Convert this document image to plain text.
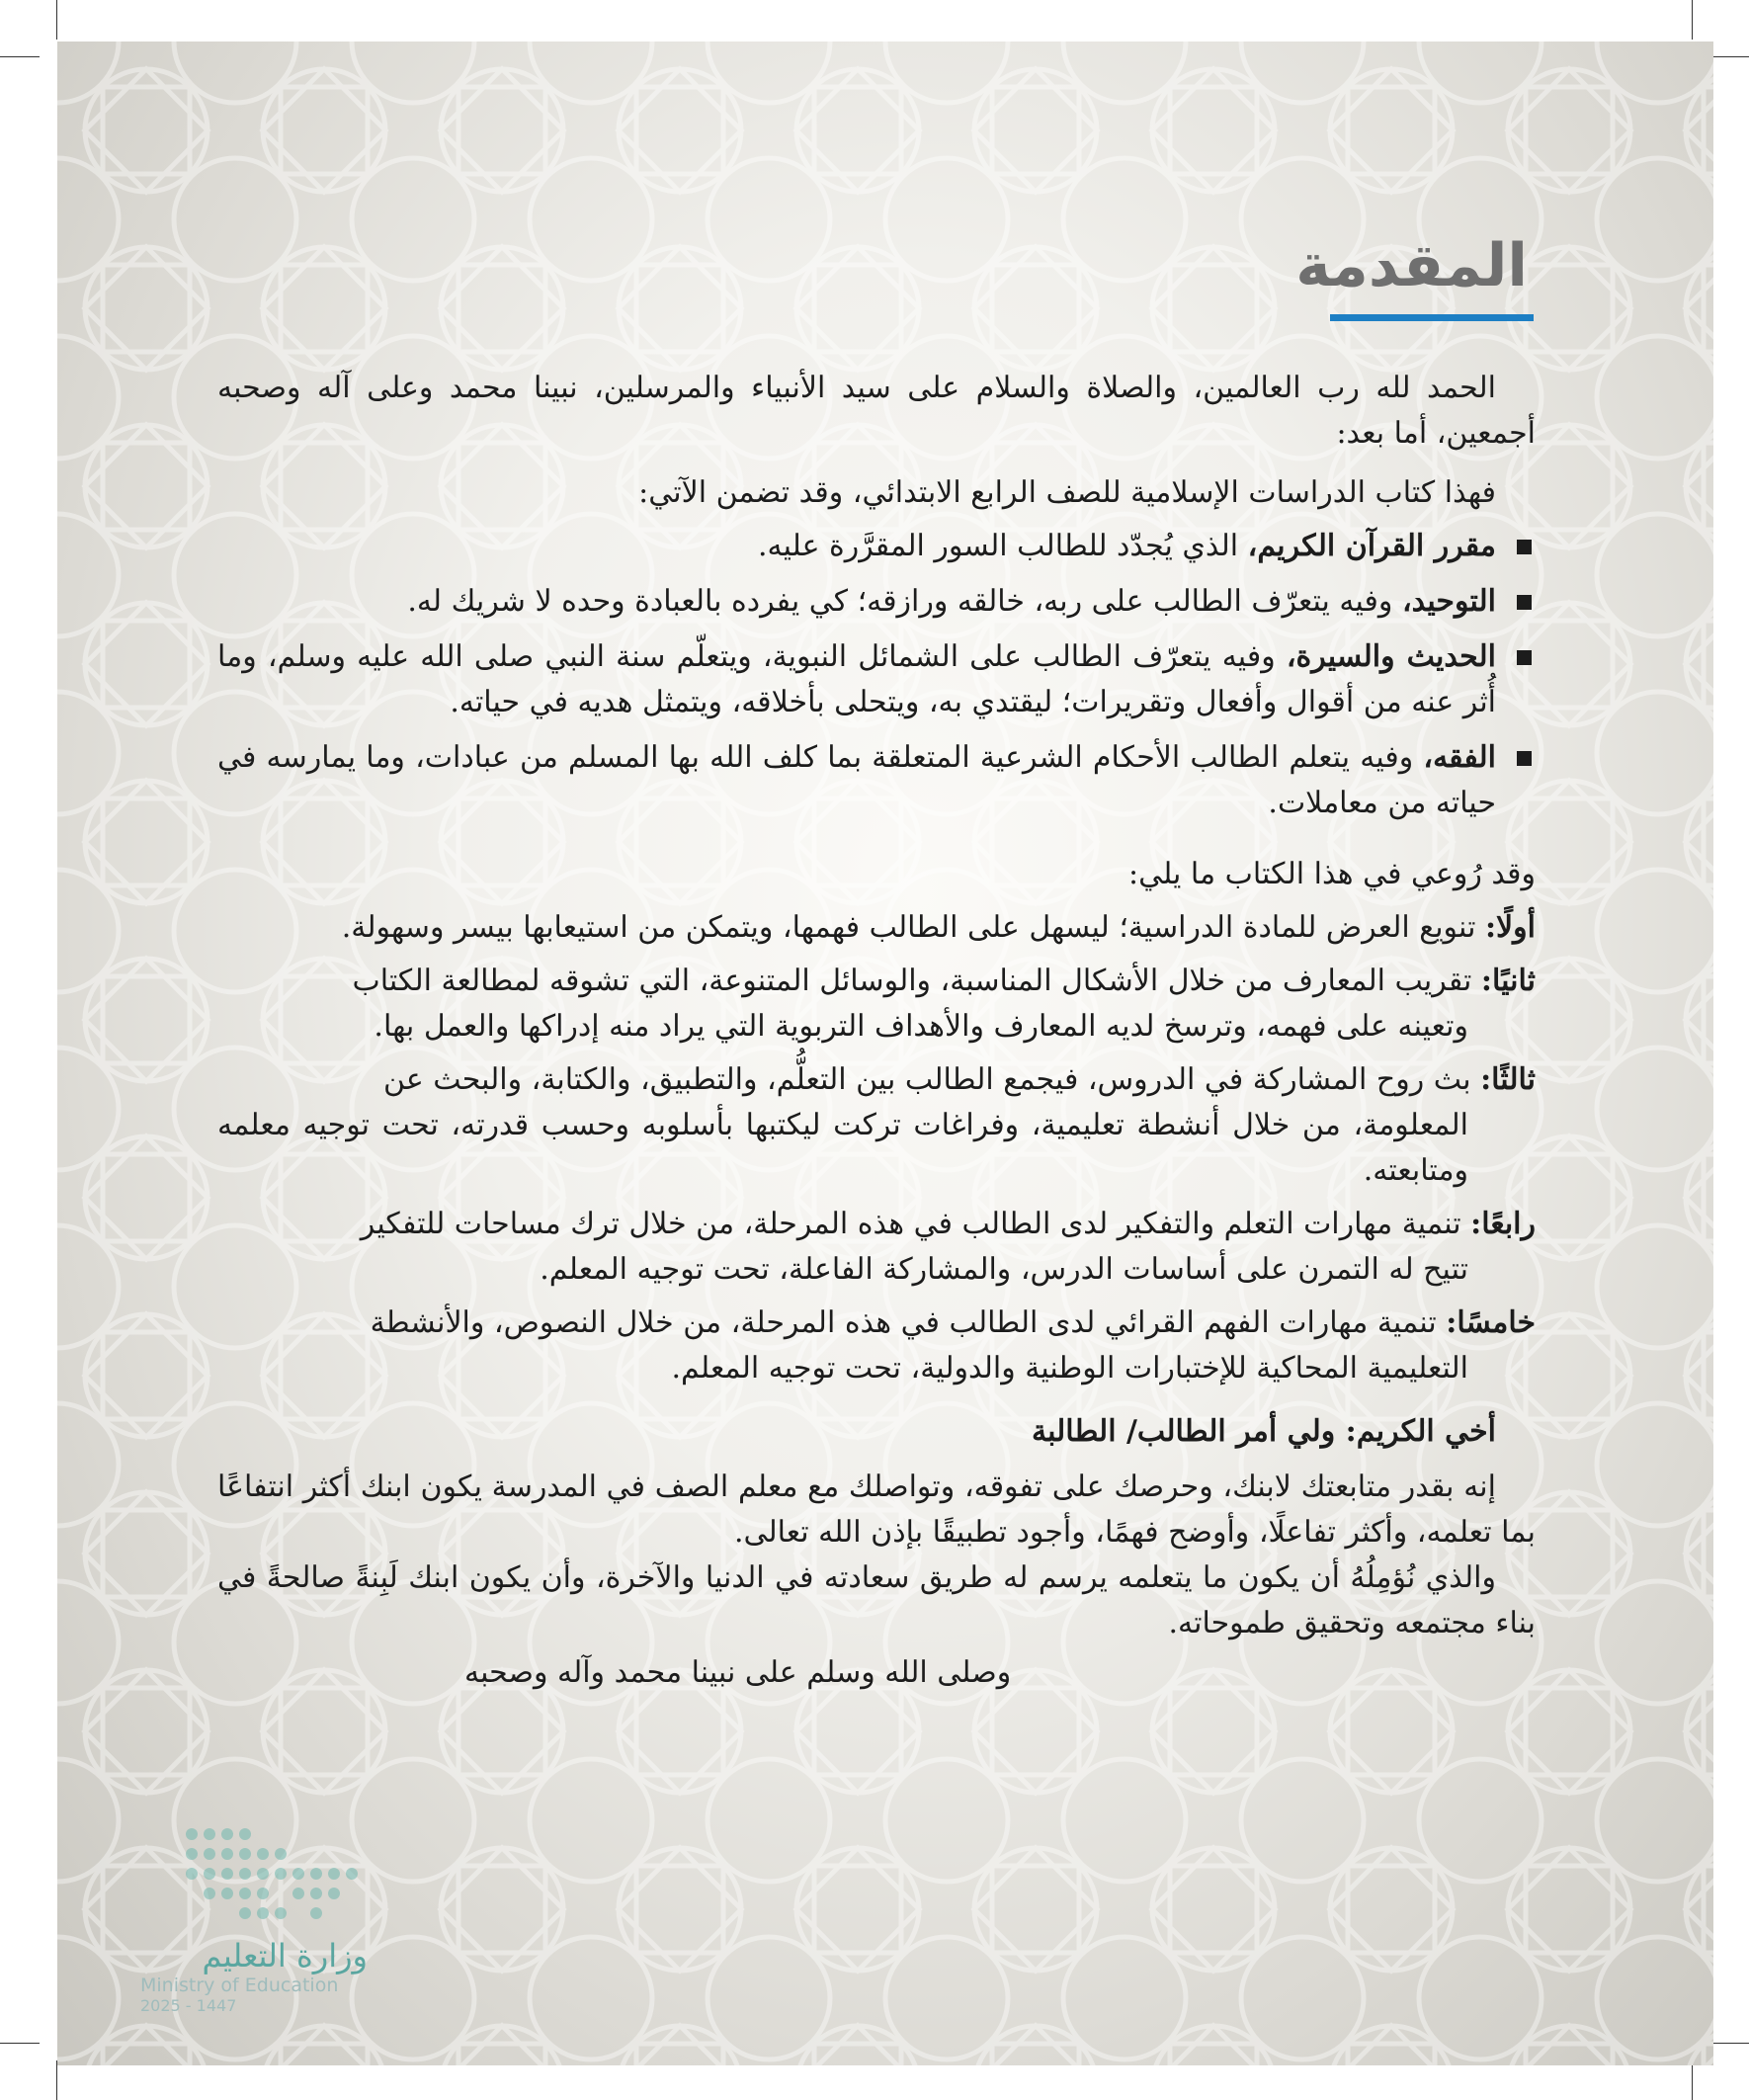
المقدمة

الحمد لله رب العالمين، والصلاة والسلام على سيد الأنبياء والمرسلين، نبينا محمد وعلى آله وصحبه أجمعين، أما بعد:

فهذا كتاب الدراسات الإسلامية للصف الرابع الابتدائي، وقد تضمن الآتي:

مقرر القرآن الكريم، الذي يُجدّد للطالب السور المقرَّرة عليه.

التوحيد، وفيه يتعرّف الطالب على ربه، خالقه ورازقه؛ كي يفرده بالعبادة وحده لا شريك له.

الحديث والسيرة، وفيه يتعرّف الطالب على الشمائل النبوية، ويتعلّم سنة النبي صلى الله عليه وسلم، وما أُثر عنه من أقوال وأفعال وتقريرات؛ ليقتدي به، ويتحلى بأخلاقه، ويتمثل هديه في حياته.

الفقه، وفيه يتعلم الطالب الأحكام الشرعية المتعلقة بما كلف الله بها المسلم من عبادات، وما يمارسه في حياته من معاملات.

وقد رُوعي في هذا الكتاب ما يلي:

أولًا: تنويع العرض للمادة الدراسية؛ ليسهل على الطالب فهمها، ويتمكن من استيعابها بيسر وسهولة.

ثانيًا: تقريب المعارف من خلال الأشكال المناسبة، والوسائل المتنوعة، التي تشوقه لمطالعة الكتاب
وتعينه على فهمه، وترسخ لديه المعارف والأهداف التربوية التي يراد منه إدراكها والعمل بها.

ثالثًا: بث روح المشاركة في الدروس، فيجمع الطالب بين التعلُّم، والتطبيق، والكتابة، والبحث عن
المعلومة، من خلال أنشطة تعليمية، وفراغات تركت ليكتبها بأسلوبه وحسب قدرته، تحت توجيه معلمه ومتابعته.

رابعًا: تنمية مهارات التعلم والتفكير لدى الطالب في هذه المرحلة، من خلال ترك مساحات للتفكير
تتيح له التمرن على أساسات الدرس، والمشاركة الفاعلة، تحت توجيه المعلم.

خامسًا: تنمية مهارات الفهم القرائي لدى الطالب في هذه المرحلة، من خلال النصوص، والأنشطة
التعليمية المحاكية للإختبارات الوطنية والدولية، تحت توجيه المعلم.

أخي الكريم: ولي أمر الطالب/ الطالبة

إنه بقدر متابعتك لابنك، وحرصك على تفوقه، وتواصلك مع معلم الصف في المدرسة يكون ابنك أكثر انتفاعًا بما تعلمه، وأكثر تفاعلًا، وأوضح فهمًا، وأجود تطبيقًا بإذن الله تعالى.

والذي نُؤمِلُهُ أن يكون ما يتعلمه يرسم له طريق سعادته في الدنيا والآخرة، وأن يكون ابنك لَبِنةً صالحةً في بناء مجتمعه وتحقيق طموحاته.

وصلى الله وسلم على نبينا محمد وآله وصحبه

وزارة التعليم
Ministry of Education
2025 - 1447
